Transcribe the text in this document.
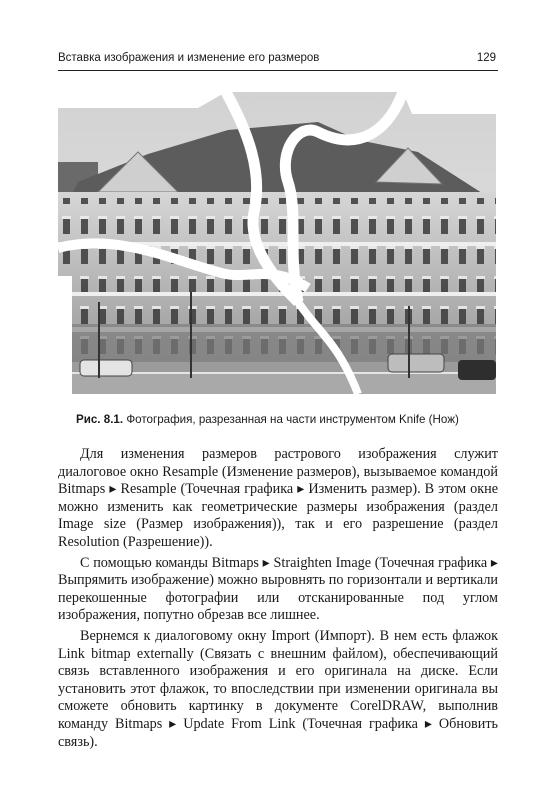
Вставка изображения и изменение его размеров	129
Рис. 8.1. Фотография, разрезанная на части инструментом Knife (Нож)

Для изменения размеров растрового изображения служит диалоговое окно Resample (Изменение размеров), вызываемое командой Bitmaps ▸ Resample (Точечная графика ▸ Изменить размер). В этом окне можно изменить как геометрические размеры изображения (раздел Image size (Размер изображения)), так и его разрешение (раздел Resolution (Разрешение)).

С помощью команды Bitmaps ▸ Straighten Image (Точечная графика ▸ Выпрямить изображение) можно выровнять по горизонтали и вертикали перекошенные фотографии или отсканированные под углом изображения, попутно обрезав все лишнее.

Вернемся к диалоговому окну Import (Импорт). В нем есть флажок Link bitmap externally (Связать с внешним файлом), обеспечивающий связь вставленного изображения и его оригинала на диске. Если установить этот флажок, то впоследствии при изменении оригинала вы сможете обновить картинку в документе CorelDRAW, выполнив команду Bitmaps ▸ Update From Link (Точечная графика ▸ Обновить связь).
